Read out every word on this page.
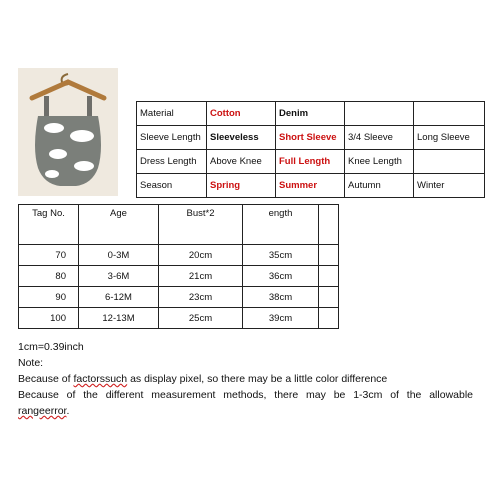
Material	Cotton	Denim		
Sleeve Length	Sleeveless	Short Sleeve	3/4 Sleeve	Long Sleeve
Dress Length	Above Knee	Full Length	Knee Length	
Season	Spring	Summer	Autumn	Winter
Tag No.	Age	Bust*2	ength	
70	0-3M	20cm	35cm	
80	3-6M	21cm	36cm	
90	6-12M	23cm	38cm	
100	12-13M	25cm	39cm	

1cm=0.39inch

Note:

Because of factorssuch as display pixel, so there may be a little color difference

Because of the different measurement methods, there may be 1-3cm of the allowable

rangeerror.
